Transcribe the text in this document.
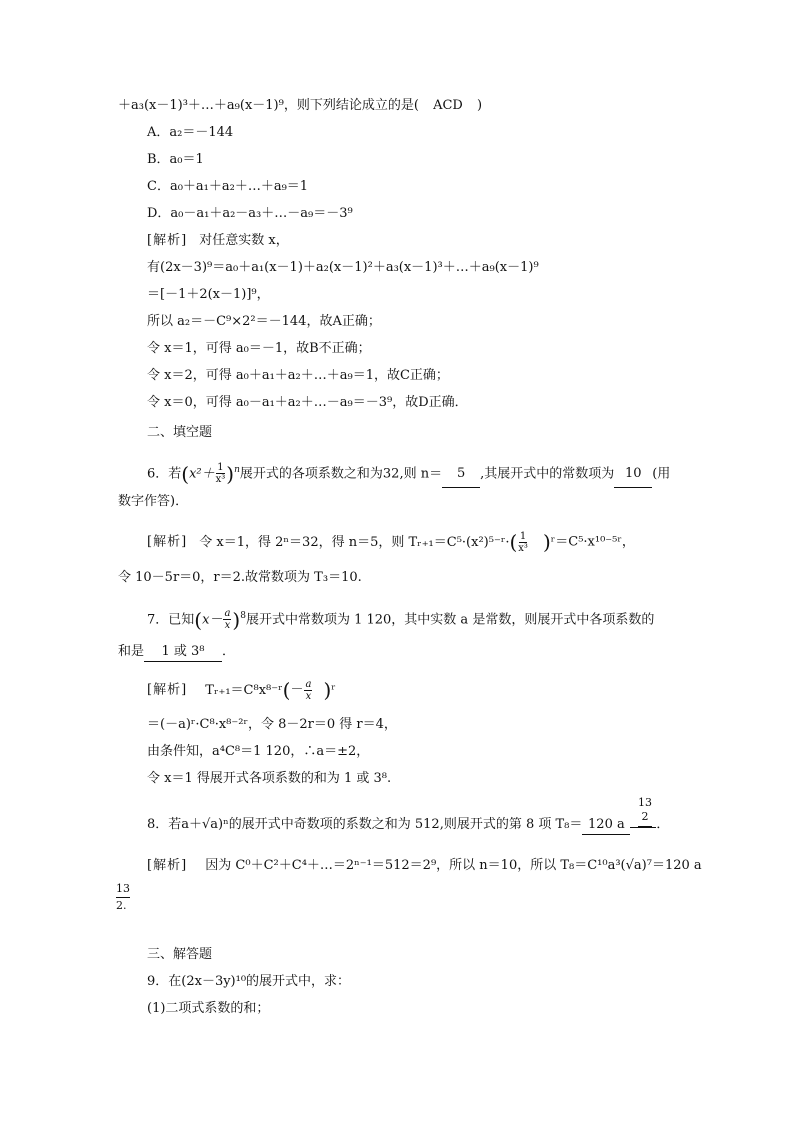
＋a₃(x－1)³＋…＋a₉(x－1)⁹，则下列结论成立的是( ACD )
A．a₂＝－144
B．a₀＝1
C．a₀＋a₁＋a₂＋…＋a₉＝1
D．a₀－a₁＋a₂－a₃＋…－a₉＝－3⁹
[解析] 对任意实数 x，
有(2x－3)⁹＝a₀＋a₁(x－1)＋a₂(x－1)²＋a₃(x－1)³＋…＋a₉(x－1)⁹
＝[－1＋2(x－1)]⁹，
所以 a₂＝－C⁹×2²＝－144，故A正确；
令 x＝1，可得 a₀＝－1，故B不正确；
令 x＝2，可得 a₀＋a₁＋a₂＋…＋a₉＝1，故C正确；
令 x＝0，可得 a₀－a₁＋a₂＋…－a₉＝－3⁹，故D正确．
二、填空题
6．若$(x^2+ \frac{1}{\text{x³}} )^n$展开式的各项系数之和为32,则 n＝ 5 ,其展开式中的常数项为 10 (用
数字作答)．
[解析] 令 x＝1，得 2ⁿ＝32，得 n＝5，则 Tᵣ₊₁＝C⁵·(x²)⁵⁻ʳ·( $\frac{1}{\text{x³}}$ )ʳ＝C⁵·x¹⁰⁻⁵ʳ，
令 10－5r＝0，r＝2.故常数项为 T₃＝10.
7．已知$(x- \frac{a}{x} )^8$展开式中常数项为 1 120，其中实数 a 是常数，则展开式中各项系数的
和是 1 或 3⁸ ．
[解析] Tᵣ₊₁＝C⁸x⁸⁻ʳ(－ $\frac{a}{x}$ )ʳ
＝(－a)ʳ·C⁸·x⁸⁻²ʳ，令 8－2r＝0 得 r＝4，
由条件知，a⁴C⁸＝1 120，∴a＝±2，
令 x＝1 得展开式各项系数的和为 1 或 3⁸.
13
2
8．若a＋√a)ⁿ的展开式中奇数项的系数之和为 512,则展开式的第 8 项 T₈＝ 120 a ．
[解析] 因为 C⁰＋C²＋C⁴＋…＝2ⁿ⁻¹＝512＝2⁹，所以 n＝10，所以 T₈＝C¹⁰a³(√a)⁷＝120 a
13
2.
三、解答题
9．在(2x－3y)¹⁰的展开式中，求：
(1)二项式系数的和；
